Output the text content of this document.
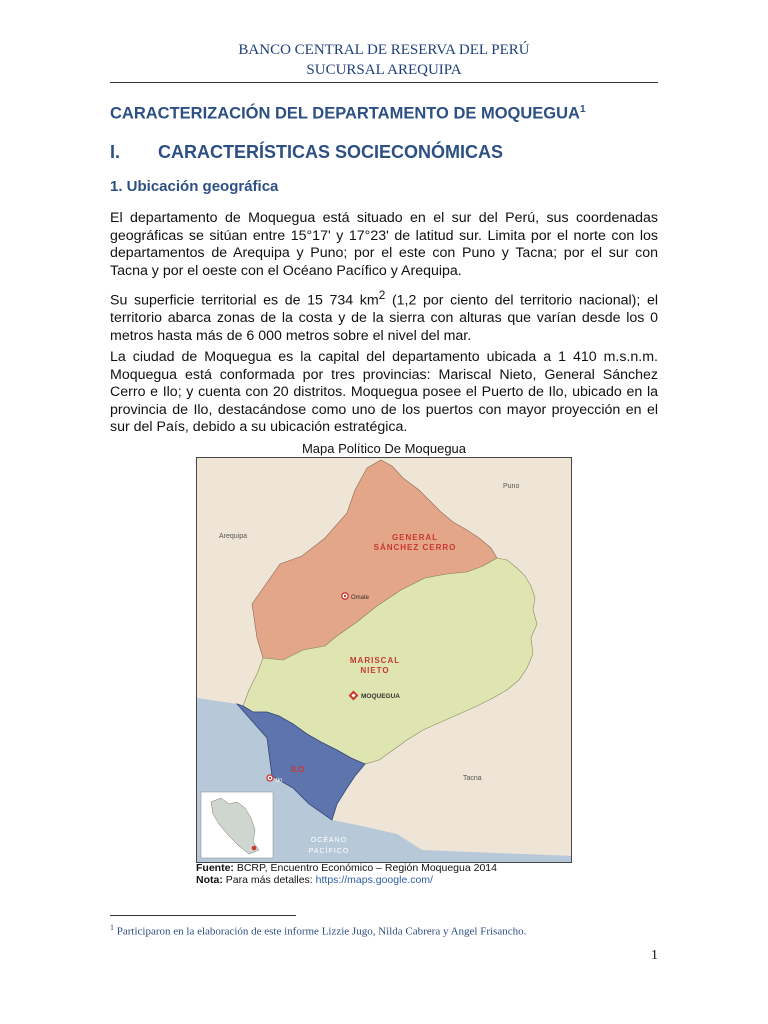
BANCO CENTRAL DE RESERVA DEL PERÚ
SUCURSAL AREQUIPA
CARACTERIZACIÓN DEL DEPARTAMENTO DE MOQUEGUA$^1$
I. CARACTERÍSTICAS SOCIECONÓMICAS
1. Ubicación geográfica

El departamento de Moquegua está situado en el sur del Perú, sus coordenadas geográficas se sitúan entre 15°17' y 17°23' de latitud sur. Limita por el norte con los departamentos de Arequipa y Puno; por el este con Puno y Tacna; por el sur con Tacna y por el oeste con el Océano Pacífico y Arequipa.

Su superficie territorial es de 15 734 $km^2$ (1,2 por ciento del territorio nacional); el territorio abarca zonas de la costa y de la sierra con alturas que varían desde los 0 metros hasta más de 6 000 metros sobre el nivel del mar.

La ciudad de Moquegua es la capital del departamento ubicada a 1 410 m.s.n.m. Moquegua está conformada por tres provincias: Mariscal Nieto, General Sánchez Cerro e Ilo; y cuenta con 20 distritos. Moquegua posee el Puerto de Ilo, ubicado en la provincia de Ilo, destacándose como uno de los puertos con mayor proyección en el sur del País, debido a su ubicación estratégica.

Mapa Político De Moquegua
Puno
Arequipa
Tacna
GENERAL
SÁNCHEZ CERRO
MARISCAL
NIETO
ILO
Omate
MOQUEGUA
Ilo
OCÉANO
PACÍFICO
Fuente: BCRP, Encuentro Económico – Región Moquegua 2014
Nota: Para más detalles: https://maps.google.com/
$^1$ Participaron en la elaboración de este informe Lizzie Jugo, Nilda Cabrera y Angel Frisancho.
1
